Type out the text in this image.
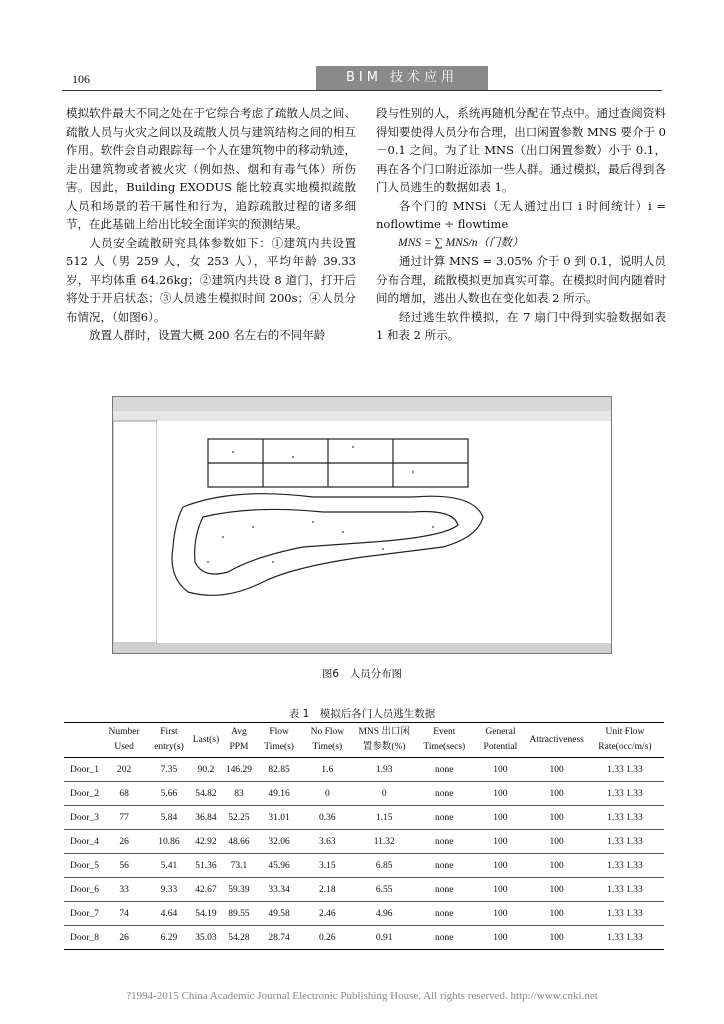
106	BIM 技术应用

模拟软件最大不同之处在于它综合考虑了疏散人员之间、疏散人员与火灾之间以及疏散人员与建筑结构之间的相互作用。软件会自动跟踪每一个人在建筑物中的移动轨迹，走出建筑物或者被火灾（例如热、烟和有毒气体）所伤害。因此，Building EXODUS 能比较真实地模拟疏散人员和场景的若干属性和行为，追踪疏散过程的诸多细节，在此基础上给出比较全面详实的预测结果。

人员安全疏散研究具体参数如下：①建筑内共设置 512 人（男 259 人，女 253 人），平均年龄 39.33 岁，平均体重 64.26kg；②建筑内共设 8 道门，打开后将处于开启状态；③人员逃生模拟时间 200s；④人员分布情况，（如图6）。

放置人群时，设置大概 200 名左右的不同年龄

段与性别的人，系统再随机分配在节点中。通过查阅资料得知要使得人员分布合理，出口闲置参数 MNS 要介于 0－0.1 之间。为了让 MNS（出口闲置参数）小于 0.1，再在各个门口附近添加一些人群。通过模拟，最后得到各门人员逃生的数据如表 1。

各个门的 MNSi（无人通过出口 i 时间统计）i = noflowtime ÷ flowtime

MNS = ∑ MNS/n（门数）

通过计算 MNS = 3.05% 介于 0 到 0.1，说明人员分布合理，疏散模拟更加真实可靠。在模拟时间内随着时间的增加，逃出人数也在变化如表 2 所示。

经过逃生软件模拟，在 7 扇门中得到实验数据如表 1 和表 2 所示。

图6　人员分布图
表 1　模拟后各门人员逃生数据
	Number Used	First entry(s)	Last(s)	Avg PPM	Flow Time(s)	No Flow Time(s)	MNS 出口闲置参数(%)	Event Time(secs)	General Potential	Attractiveness	Unit Flow Rate(occ/m/s)
Door_1	202	7.35	90.2	146.29	82.85	1.6	1.93	none	100	100	1.33 1.33
Door_2	68	5.66	54.82	83	49.16	0	0	none	100	100	1.33 1.33
Door_3	77	5.84	36.84	52.25	31.01	0.36	1.15	none	100	100	1.33 1.33
Door_4	26	10.86	42.92	48.66	32.06	3.63	11.32	none	100	100	1.33 1.33
Door_5	56	5.41	51.36	73.1	45.96	3.15	6.85	none	100	100	1.33 1.33
Door_6	33	9.33	42.67	59.39	33.34	2.18	6.55	none	100	100	1.33 1.33
Door_7	74	4.64	54.19	89.55	49.58	2.46	4.96	none	100	100	1.33 1.33
Door_8	26	6.29	35.03	54.28	28.74	0.26	0.91	none	100	100	1.33 1.33
?1994-2015 China Academic Journal Electronic Publishing House. All rights reserved. http://www.cnki.net
